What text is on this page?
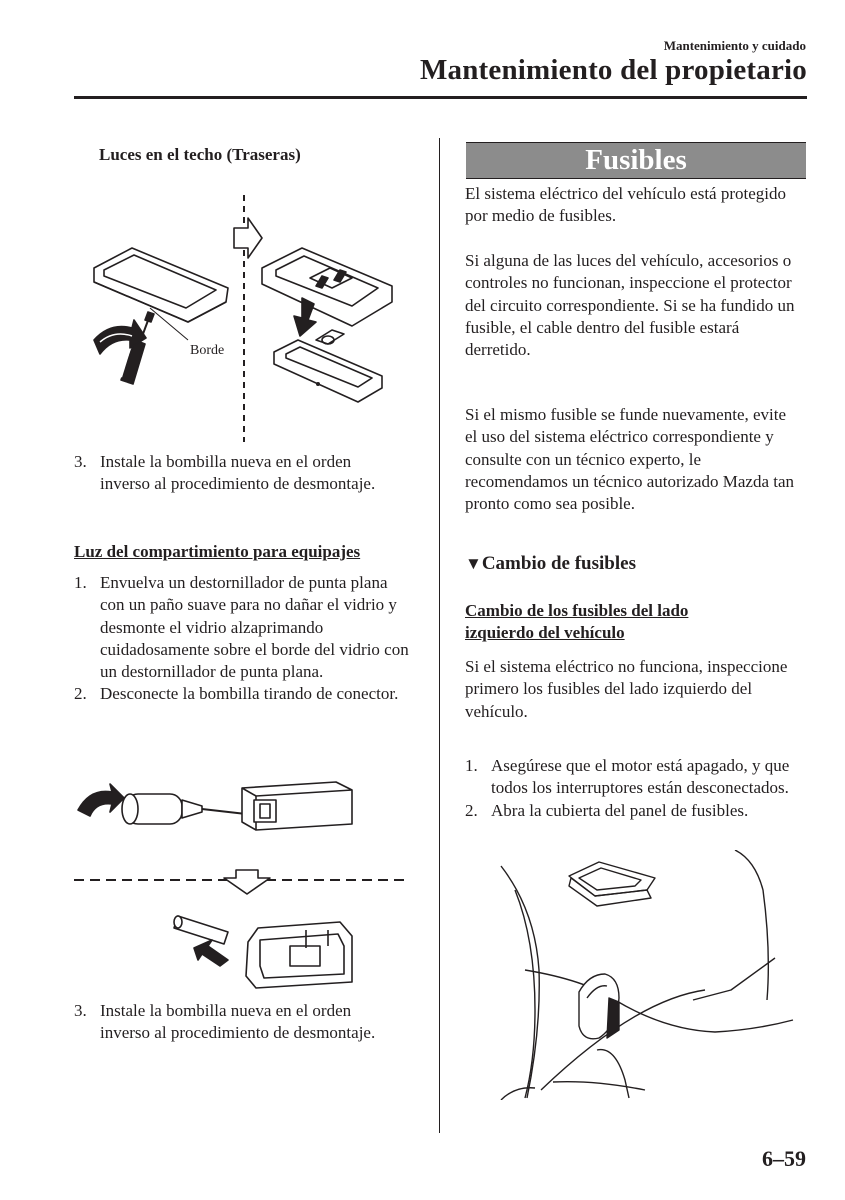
Mantenimiento y cuidado
Mantenimiento del propietario
Luces en el techo (Traseras)
Borde
3. Instale la bombilla nueva en el orden inverso al procedimiento de desmontaje.
Luz del compartimiento para equipajes
1. Envuelva un destornillador de punta plana con un paño suave para no dañar el vidrio y desmonte el vidrio alzaprimando cuidadosamente sobre el borde del vidrio con un destornillador de punta plana.
2. Desconecte la bombilla tirando de conector.
3. Instale la bombilla nueva en el orden inverso al procedimiento de desmontaje.
Fusibles
El sistema eléctrico del vehículo está protegido por medio de fusibles.
Si alguna de las luces del vehículo, accesorios o controles no funcionan, inspeccione el protector del circuito correspondiente. Si se ha fundido un fusible, el cable dentro del fusible estará derretido.
Si el mismo fusible se funde nuevamente, evite el uso del sistema eléctrico correspondiente y consulte con un técnico experto, le recomendamos un técnico autorizado Mazda tan pronto como sea posible.
▼Cambio de fusibles
Cambio de los fusibles del lado
izquierdo del vehículo
Si el sistema eléctrico no funciona, inspeccione primero los fusibles del lado izquierdo del vehículo.
1. Asegúrese que el motor está apagado, y que todos los interruptores están desconectados.
2. Abra la cubierta del panel de fusibles.
6–59
